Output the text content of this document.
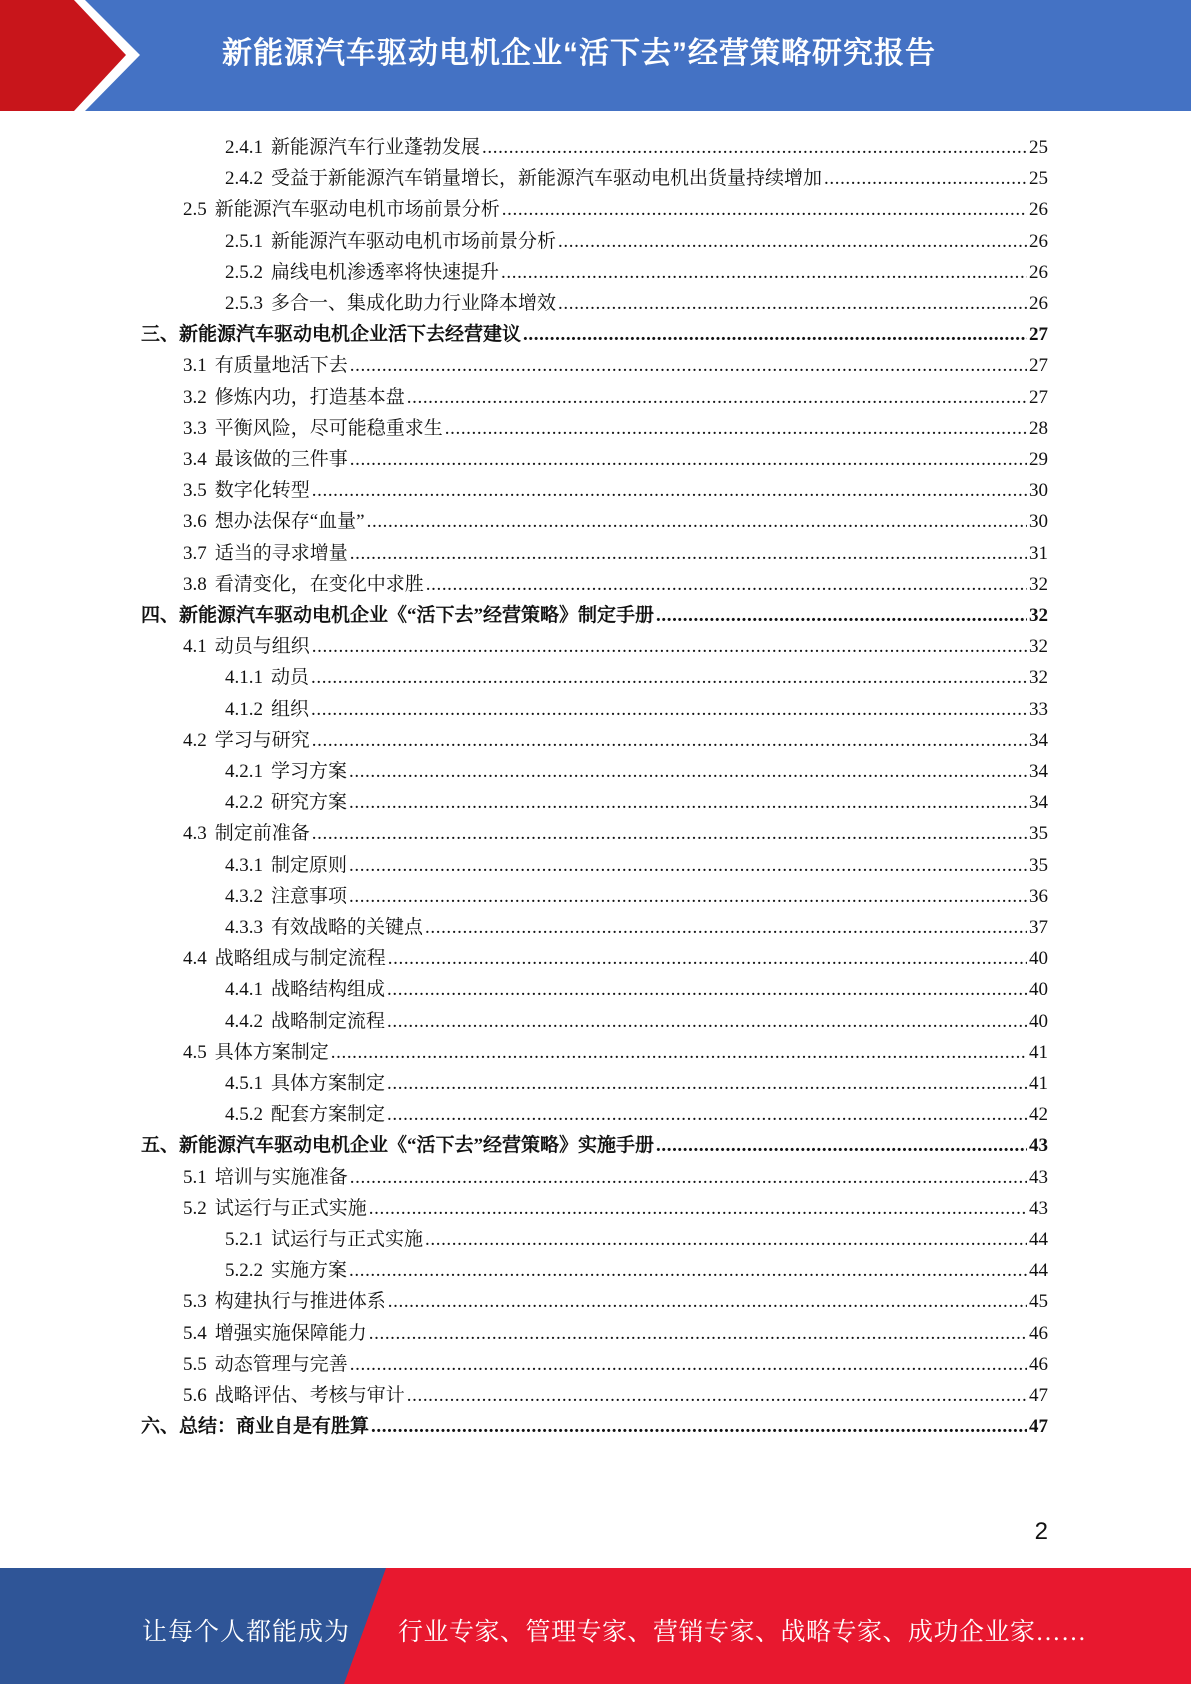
新能源汽车驱动电机企业“活下去”经营策略研究报告
2.4.1 新能源汽车行业蓬勃发展 .....	25
2.4.2 受益于新能源汽车销量增长，新能源汽车驱动电机出货量持续增加 .....	25
2.5 新能源汽车驱动电机市场前景分析 .....	26
2.5.1 新能源汽车驱动电机市场前景分析 .....	26
2.5.2 扁线电机渗透率将快速提升 .....	26
2.5.3 多合一、集成化助力行业降本增效 .....	26
三、 新能源汽车驱动电机企业活下去经营建议 .....	27
3.1 有质量地活下去 .....	27
3.2 修炼内功，打造基本盘 .....	27
3.3 平衡风险，尽可能稳重求生 .....	28
3.4 最该做的三件事 .....	29
3.5 数字化转型 .....	30
3.6 想办法保存“血量” .....	30
3.7 适当的寻求增量 .....	31
3.8 看清变化，在变化中求胜 .....	32
四、 新能源汽车驱动电机企业《“活下去”经营策略》制定手册 .....	32
4.1 动员与组织 .....	32
4.1.1 动员 .....	32
4.1.2 组织 .....	33
4.2 学习与研究 .....	34
4.2.1 学习方案 .....	34
4.2.2 研究方案 .....	34
4.3 制定前准备 .....	35
4.3.1 制定原则 .....	35
4.3.2 注意事项 .....	36
4.3.3 有效战略的关键点 .....	37
4.4 战略组成与制定流程 .....	40
4.4.1 战略结构组成 .....	40
4.4.2 战略制定流程 .....	40
4.5 具体方案制定 .....	41
4.5.1 具体方案制定 .....	41
4.5.2 配套方案制定 .....	42
五、 新能源汽车驱动电机企业《“活下去”经营策略》实施手册 .....	43
5.1 培训与实施准备 .....	43
5.2 试运行与正式实施 .....	43
5.2.1 试运行与正式实施 .....	44
5.2.2 实施方案 .....	44
5.3 构建执行与推进体系 .....	45
5.4 增强实施保障能力 .....	46
5.5 动态管理与完善 .....	46
5.6 战略评估、考核与审计 .....	47
六、 总结：商业自是有胜算 .....	47
2
让每个人都能成为 行业专家、管理专家、营销专家、战略专家、成功企业家……
